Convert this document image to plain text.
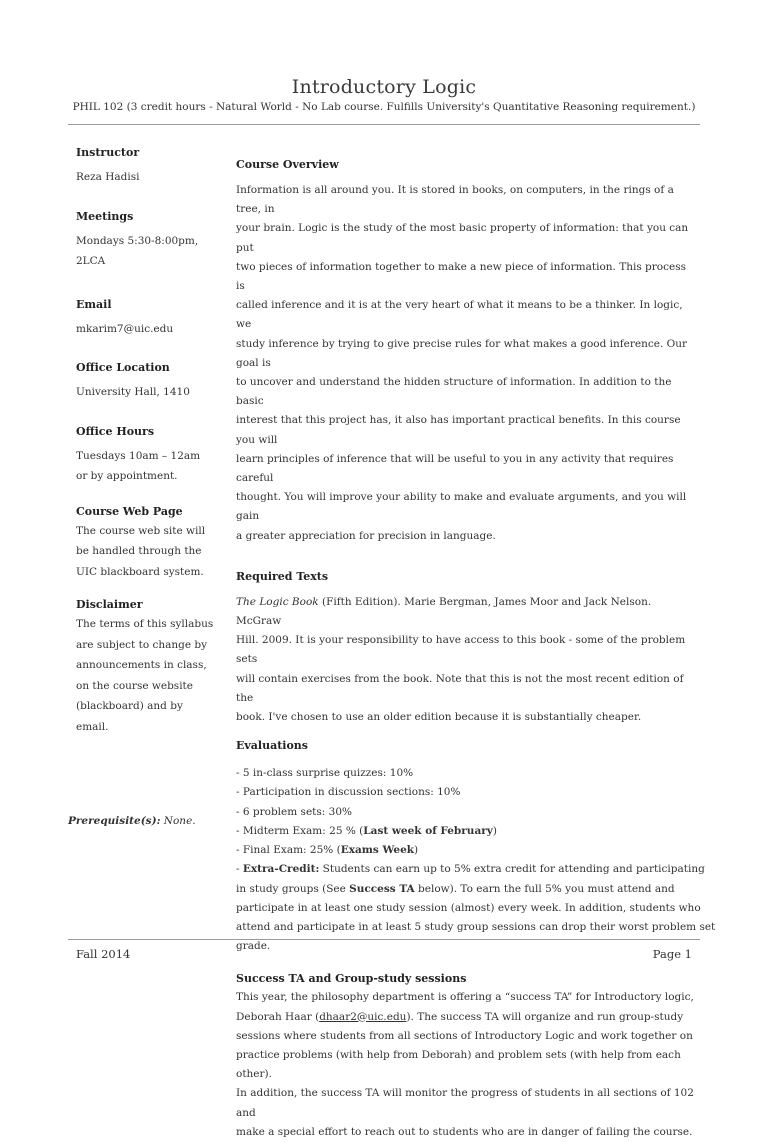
Introductory Logic
PHIL 102 (3 credit hours - Natural World - No Lab course. Fulfills University's Quantitative Reasoning requirement.)
Instructor
Reza Hadisi
Meetings
Mondays 5:30-8:00pm,
2LCA
Email
mkarim7@uic.edu
Office Location
University Hall, 1410
Office Hours
Tuesdays 10am – 12am
or by appointment.
Course Web Page
The course web site will
be handled through the
UIC blackboard system.
Disclaimer
The terms of this syllabus
are subject to change by
announcements in class,
on the course website
(blackboard) and by
email.
Prerequisite(s): None.
Course Overview
Information is all around you. It is stored in books, on computers, in the rings of a tree, in
your brain. Logic is the study of the most basic property of information: that you can put
two pieces of information together to make a new piece of information. This process is
called inference and it is at the very heart of what it means to be a thinker. In logic, we
study inference by trying to give precise rules for what makes a good inference. Our goal is
to uncover and understand the hidden structure of information. In addition to the basic
interest that this project has, it also has important practical benefits. In this course you will
learn principles of inference that will be useful to you in any activity that requires careful
thought. You will improve your ability to make and evaluate arguments, and you will gain
a greater appreciation for precision in language.
Required Texts
The Logic Book (Fifth Edition). Marie Bergman, James Moor and Jack Nelson. McGraw
Hill. 2009. It is your responsibility to have access to this book - some of the problem sets
will contain exercises from the book. Note that this is not the most recent edition of the
book. I've chosen to use an older edition because it is substantially cheaper.
Evaluations
- 5 in-class surprise quizzes: 10%
- Participation in discussion sections: 10%
- 6 problem sets: 30%
- Midterm Exam: 25 % (Last week of February)
- Final Exam: 25% (Exams Week)
- Extra-Credit: Students can earn up to 5% extra credit for attending and participating
in study groups (See Success TA below). To earn the full 5% you must attend and
participate in at least one study session (almost) every week. In addition, students who
attend and participate in at least 5 study group sessions can drop their worst problem set
grade.
Success TA and Group-study sessions
This year, the philosophy department is offering a “success TA” for Introductory logic,
Deborah Haar (dhaar2@uic.edu). The success TA will organize and run group-study
sessions where students from all sections of Introductory Logic and work together on
practice problems (with help from Deborah) and problem sets (with help from each other).
In addition, the success TA will monitor the progress of students in all sections of 102 and
make a special effort to reach out to students who are in danger of failing the course.
Fall 2014	Page 1
